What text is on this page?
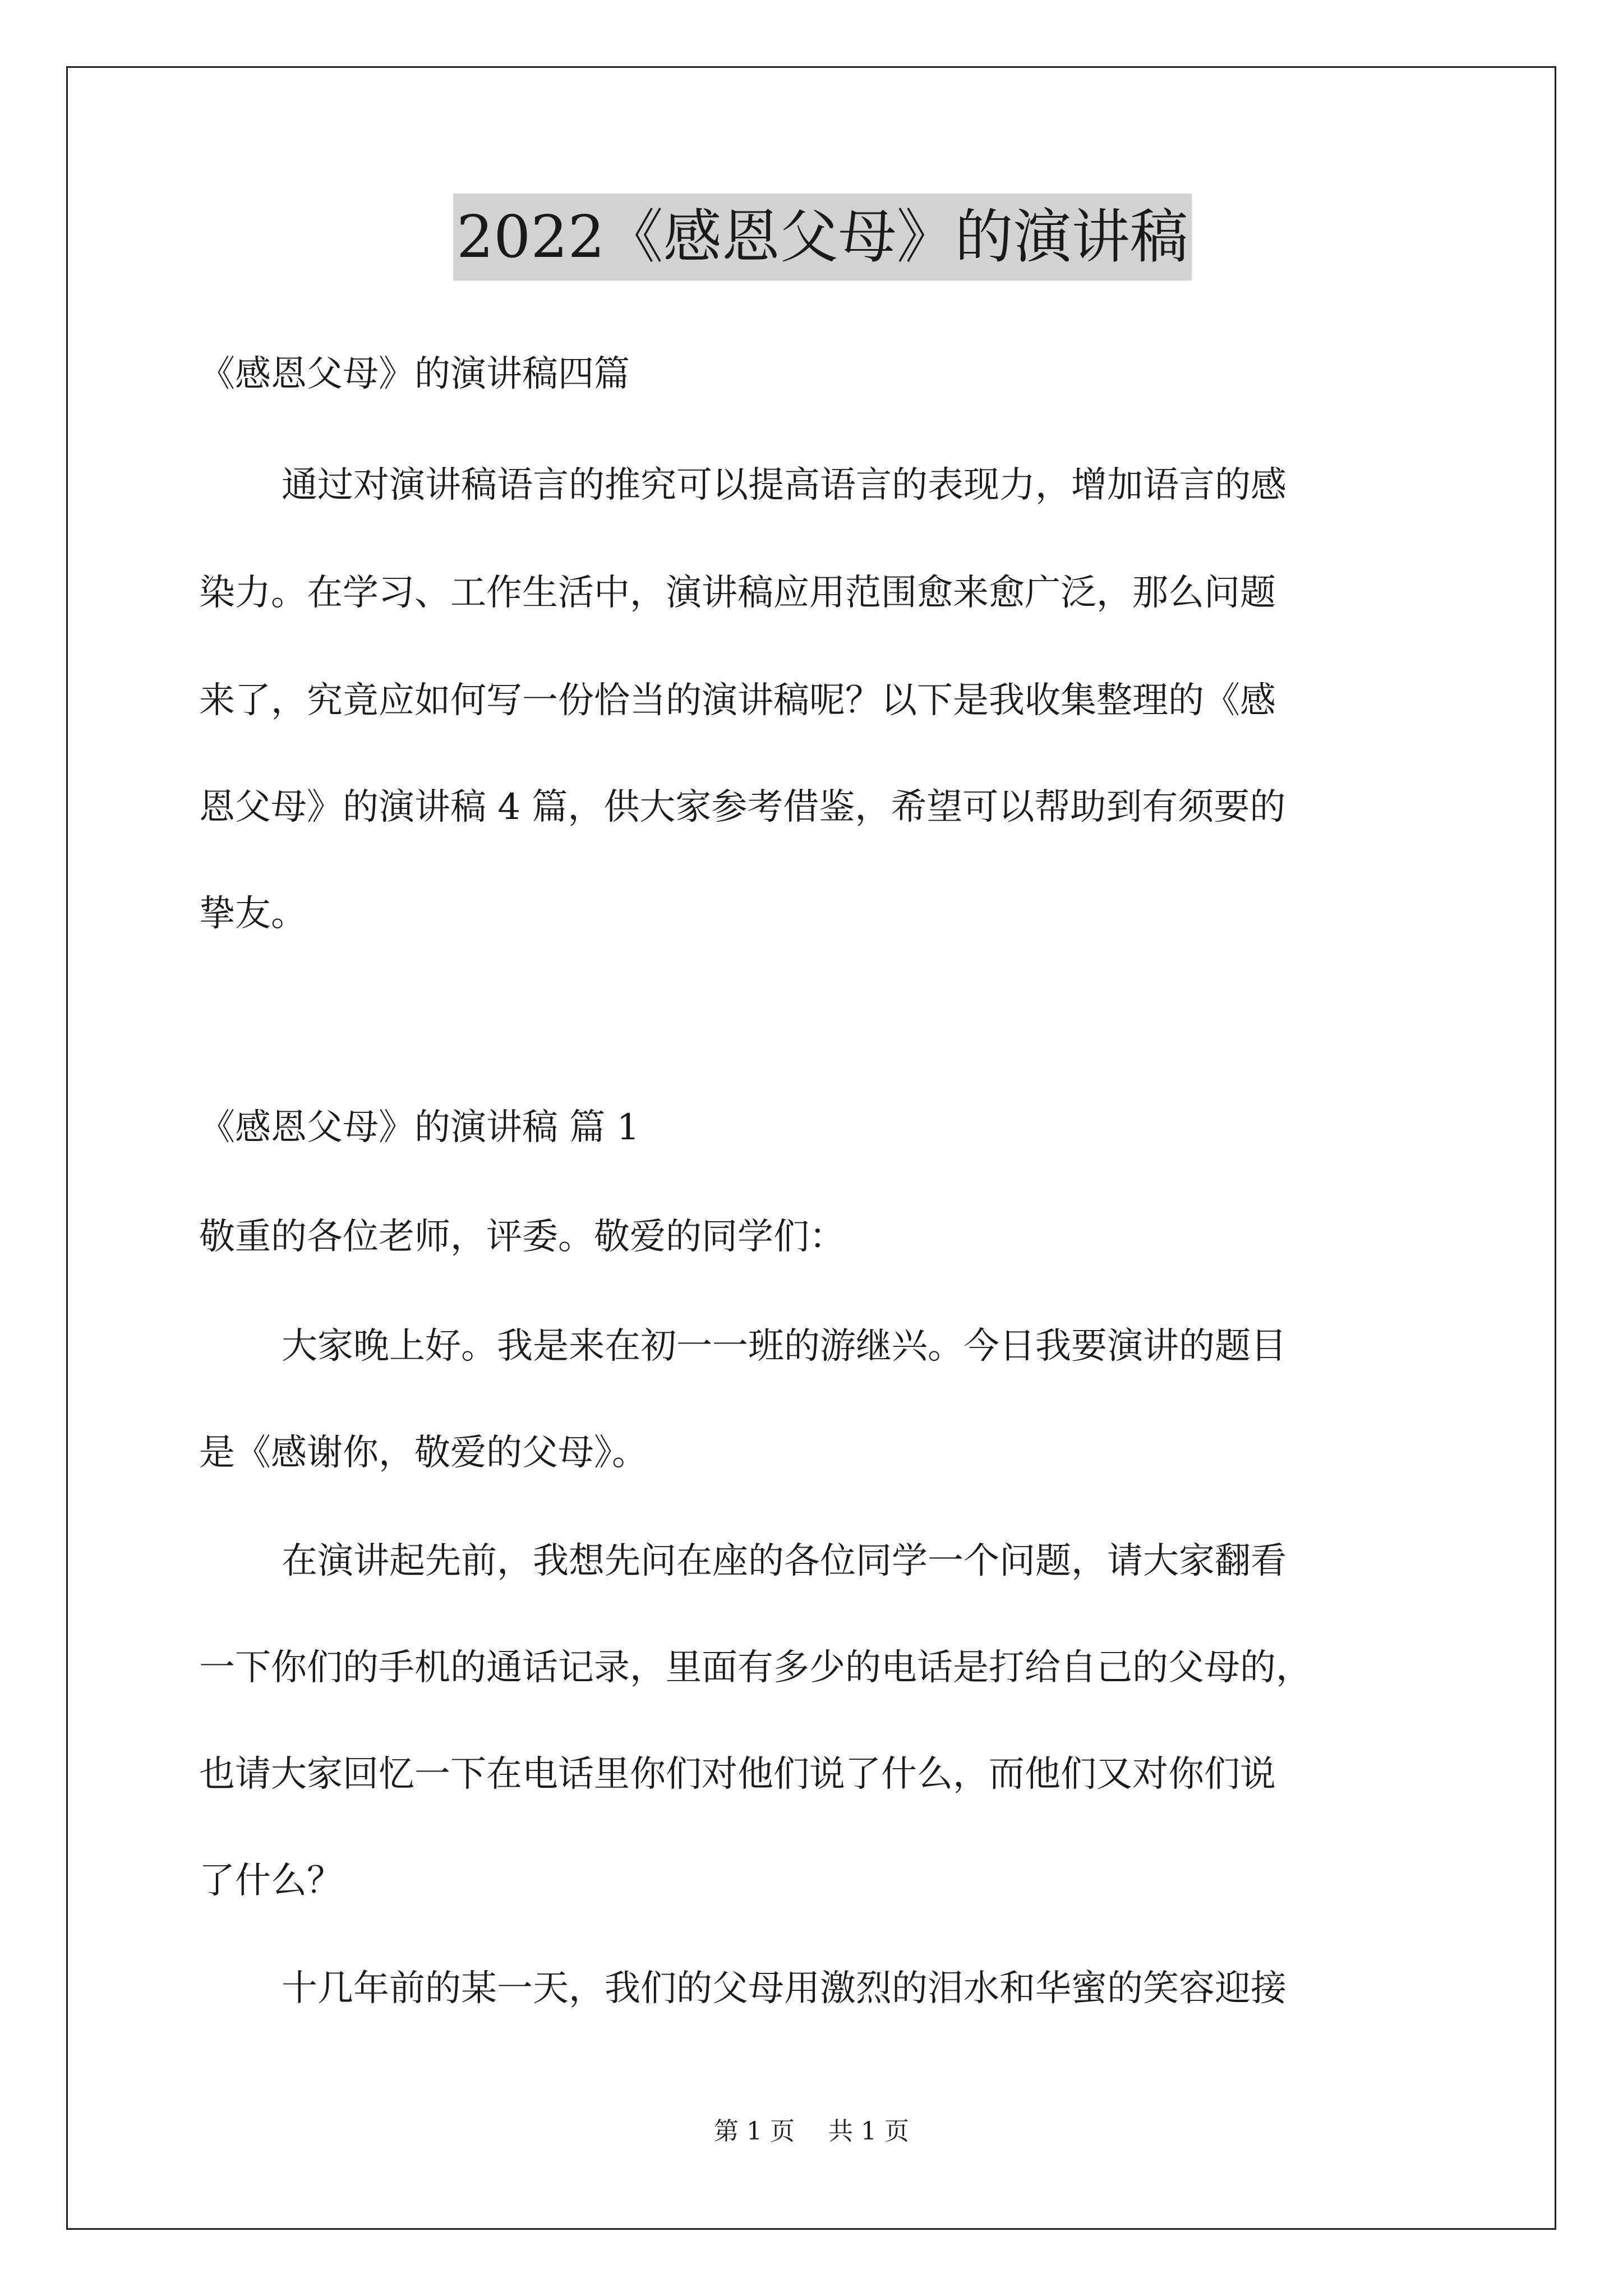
2022《感恩父母》的演讲稿
《感恩父母》的演讲稿四篇
通过对演讲稿语言的推究可以提高语言的表现力，增加语言的感
染力。在学习、工作生活中，演讲稿应用范围愈来愈广泛，那么问题
来了，究竟应如何写一份恰当的演讲稿呢？以下是我收集整理的《感
恩父母》的演讲稿 4 篇，供大家参考借鉴，希望可以帮助到有须要的
挚友。
《感恩父母》的演讲稿 篇 1
敬重的各位老师，评委。敬爱的同学们：
大家晚上好。我是来在初一一班的游继兴。今日我要演讲的题目
是《感谢你，敬爱的父母》。
在演讲起先前，我想先问在座的各位同学一个问题，请大家翻看
一下你们的手机的通话记录，里面有多少的电话是打给自己的父母的，
也请大家回忆一下在电话里你们对他们说了什么，而他们又对你们说
了什么？
十几年前的某一天，我们的父母用激烈的泪水和华蜜的笑容迎接
第 1 页 共 1 页
